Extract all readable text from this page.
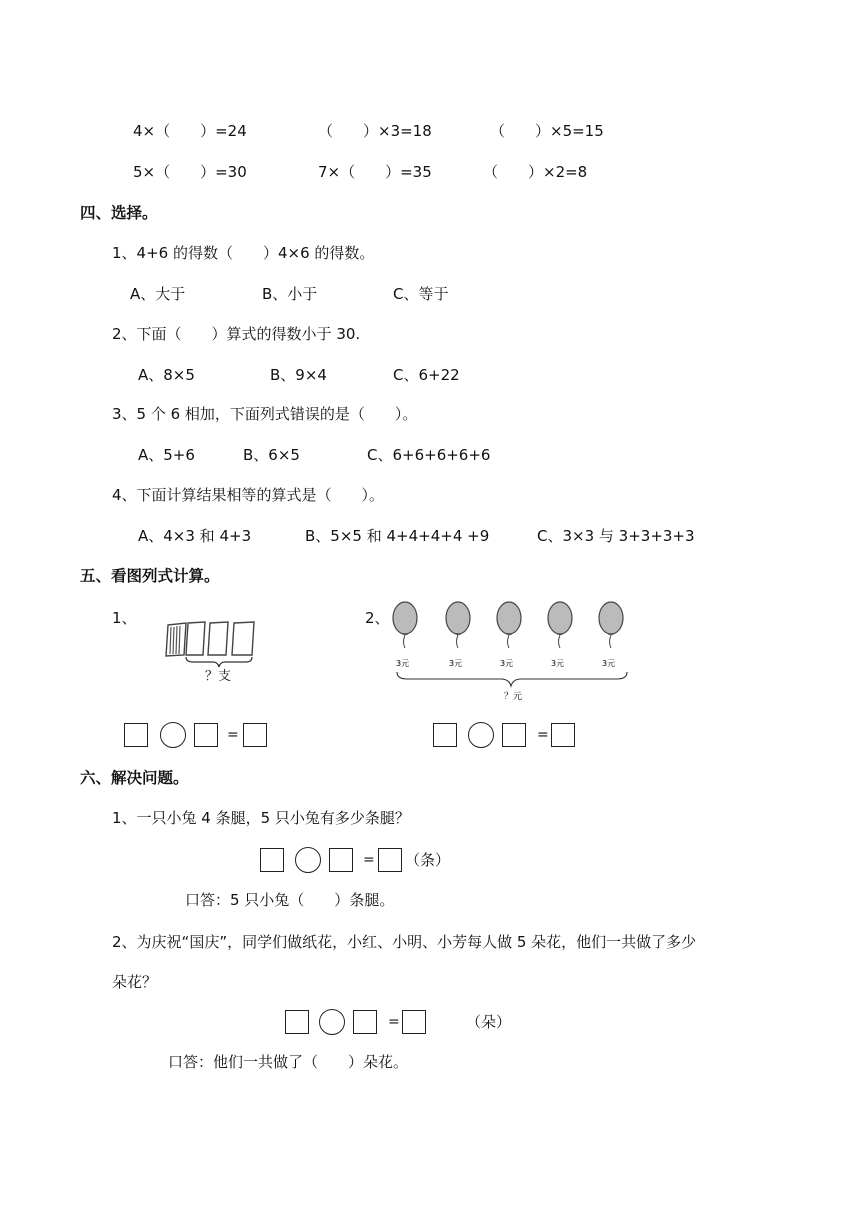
4×（　　）=24	（　　）×3=18	（　　）×5=15
5×（　　）=30	7×（　　）=35	（　　）×2=8
四、选择。
1、4+6 的得数（　　）4×6 的得数。
A、大于	B、小于	C、等于
2、下面（　　）算式的得数小于 30.
A、8×5	B、9×4	C、6+22
3、5 个 6 相加，下面列式错误的是（　　）。
A、5+6	B、6×5	C、6+6+6+6+6
4、下面计算结果相等的算式是（　　）。
A、4×3 和 4+3	B、5×5 和 4+4+4+4 +9	C、3×3 与 3+3+3+3
五、看图列式计算。
1、
？支
2、
3元	3元	3元	3元	3元
？元
=	=
六、解决问题。
1、一只小兔 4 条腿，5 只小兔有多少条腿？
= （条）
口答：5 只小兔（　　）条腿。
2、为庆祝“国庆”，同学们做纸花，小红、小明、小芳每人做 5 朵花，他们一共做了多少
朵花？
=	（朵）
口答：他们一共做了（　　）朵花。
